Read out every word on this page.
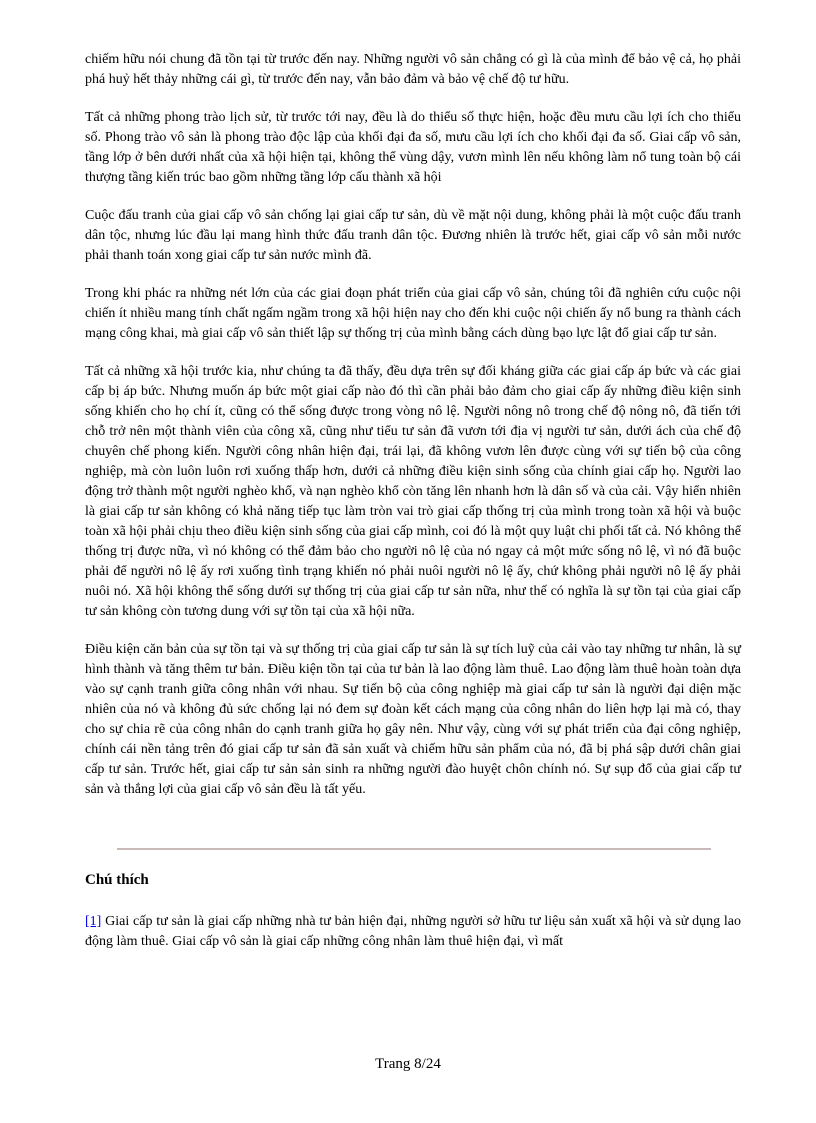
chiếm hữu nói chung đã tồn tại từ trước đến nay. Những người vô sản chẳng có gì là của mình để bảo vệ cả, họ phải phá huỷ hết thảy những cái gì, từ trước đến nay, vẫn bảo đảm và bảo vệ chế độ tư hữu.

Tất cả những phong trào lịch sử, từ trước tới nay, đều là do thiểu số thực hiện, hoặc đều mưu cầu lợi ích cho thiểu số. Phong trào vô sản là phong trào độc lập của khối đại đa số, mưu cầu lợi ích cho khối đại đa số. Giai cấp vô sản, tầng lớp ở bên dưới nhất của xã hội hiện tại, không thể vùng dậy, vươn mình lên nếu không làm nổ tung toàn bộ cái thượng tầng kiến trúc bao gồm những tầng lớp cấu thành xã hội

Cuộc đấu tranh của giai cấp vô sản chống lại giai cấp tư sản, dù về mặt nội dung, không phải là một cuộc đấu tranh dân tộc, nhưng lúc đầu lại mang hình thức đấu tranh dân tộc. Đương nhiên là trước hết, giai cấp vô sản mỗi nước phải thanh toán xong giai cấp tư sản nước mình đã.

Trong khi phác ra những nét lớn của các giai đoạn phát triển của giai cấp vô sản, chúng tôi đã nghiên cứu cuộc nội chiến ít nhiều mang tính chất ngấm ngầm trong xã hội hiện nay cho đến khi cuộc nội chiến ấy nổ bung ra thành cách mạng công khai, mà giai cấp vô sản thiết lập sự thống trị của mình bằng cách dùng bạo lực lật đổ giai cấp tư sản.

Tất cả những xã hội trước kia, như chúng ta đã thấy, đều dựa trên sự đối kháng giữa các giai cấp áp bức và các giai cấp bị áp bức. Nhưng muốn áp bức một giai cấp nào đó thì cần phải bảo đảm cho giai cấp ấy những điều kiện sinh sống khiến cho họ chí ít, cũng có thể sống được trong vòng nô lệ. Người nông nô trong chế độ nông nô, đã tiến tới chỗ trở nên một thành viên của công xã, cũng như tiểu tư sản đã vươn tới địa vị người tư sản, dưới ách của chế độ chuyên chế phong kiến. Người công nhân hiện đại, trái lại, đã không vươn lên được cùng với sự tiến bộ của công nghiệp, mà còn luôn luôn rơi xuống thấp hơn, dưới cả những điều kiện sinh sống của chính giai cấp họ. Người lao động trở thành một người nghèo khổ, và nạn nghèo khổ còn tăng lên nhanh hơn là dân số và của cải. Vậy hiển nhiên là giai cấp tư sản không có khả năng tiếp tục làm tròn vai trò giai cấp thống trị của mình trong toàn xã hội và buộc toàn xã hội phải chịu theo điều kiện sinh sống của giai cấp mình, coi đó là một quy luật chi phối tất cả. Nó không thể thống trị được nữa, vì nó không có thể đảm bảo cho người nô lệ của nó ngay cả một mức sống nô lệ, vì nó đã buộc phải để người nô lệ ấy rơi xuống tình trạng khiến nó phải nuôi người nô lệ ấy, chứ không phải người nô lệ ấy phải nuôi nó. Xã hội không thể sống dưới sự thống trị của giai cấp tư sản nữa, như thế có nghĩa là sự tồn tại của giai cấp tư sản không còn tương dung với sự tồn tại của xã hội nữa.

Điều kiện căn bản của sự tồn tại và sự thống trị của giai cấp tư sản là sự tích luỹ của cải vào tay những tư nhân, là sự hình thành và tăng thêm tư bản. Điều kiện tồn tại của tư bản là lao động làm thuê. Lao động làm thuê hoàn toàn dựa vào sự cạnh tranh giữa công nhân với nhau. Sự tiến bộ của công nghiệp mà giai cấp tư sản là người đại diện mặc nhiên của nó và không đủ sức chống lại nó đem sự đoàn kết cách mạng của công nhân do liên hợp lại mà có, thay cho sự chia rẽ của công nhân do cạnh tranh giữa họ gây nên. Như vậy, cùng với sự phát triển của đại công nghiệp, chính cái nền tảng trên đó giai cấp tư sản đã sản xuất và chiếm hữu sản phẩm của nó, đã bị phá sập dưới chân giai cấp tư sản. Trước hết, giai cấp tư sản sản sinh ra những người đào huyệt chôn chính nó. Sự sụp đổ của giai cấp tư sản và thắng lợi của giai cấp vô sản đều là tất yếu.

Chú thích

[1] Giai cấp tư sản là giai cấp những nhà tư bản hiện đại, những người sở hữu tư liệu sản xuất xã hội và sử dụng lao động làm thuê. Giai cấp vô sản là giai cấp những công nhân làm thuê hiện đại, vì mất

Trang 8/24
